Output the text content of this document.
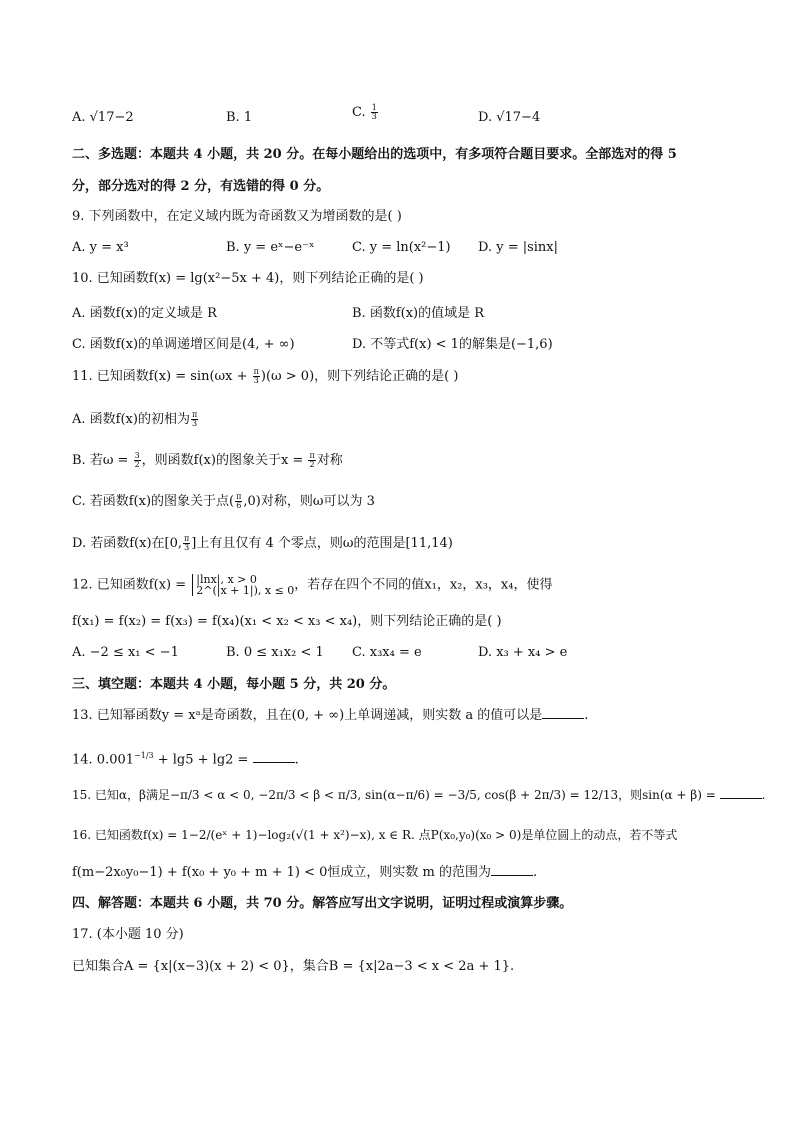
A. √17−2	B. 1	C. $\frac{1}{3}$	D. √17−4
二、多选题：本题共 4 小题，共 20 分。在每小题给出的选项中，有多项符合题目要求。全部选对的得 5
分，部分选对的得 2 分，有选错的得 0 分。
9. 下列函数中，在定义域内既为奇函数又为增函数的是( )
A. y = x³	B. y = eˣ−e⁻ˣ	C. y = ln(x²−1) D. y = |sinx|
10. 已知函数f(x) = lg(x²−5x + 4)，则下列结论正确的是( )
A. 函数f(x)的定义域是 R	B. 函数f(x)的值域是 R
C. 函数f(x)的单调递增区间是(4, + ∞)	D. 不等式f(x) < 1的解集是(−1,6)
11. 已知函数$f(x) = \sin(\omega x + \frac{\pi}{3} )(\omega > 0)$，则下列结论正确的是( )
A. 函数f(x)的初相为 $\frac{\pi}{3}$
B. 若$\omega = \frac{3}{2}$ ，则函数f(x)的图象关于$x = \frac{\pi}{2}$ 对称
C. 若函数f(x)的图象关于点( $\frac{\pi}{6} ,0$)对称，则ω可以为 3
D. 若函数f(x)在[0, $\frac{\pi}{3}$ ]上有且仅有 4 个零点，则ω的范围是[11,14)
12. 已知函数f(x) = |lnx|, x > 0
2^(|x + 1|), x ≤ 0 ，若存在四个不同的值x₁，x₂，x₃，x₄，使得
f(x₁) = f(x₂) = f(x₃) = f(x₄)(x₁ < x₂ < x₃ < x₄)，则下列结论正确的是( )
A. −2 ≤ x₁ < −1	B. 0 ≤ x₁x₂ < 1 C. x₃x₄ = e	D. x₃ + x₄ > e
三、填空题：本题共 4 小题，每小题 5 分，共 20 分。
13. 已知幂函数y = xᵃ是奇函数，且在(0, + ∞)上单调递减，则实数 a 的值可以是	.
14. $0.001^{-1/3} + \lg 5 + \lg 2$ =	.
15. 已知α，β满足−π/3 < α < 0, −2π/3 < β < π/3, sin(α−π/6) = −3/5, cos(β + 2π/3) = 12/13，则sin(α + β) =	.
16. 已知函数f(x) = 1−2/(eˣ + 1)−log₂(√(1 + x²)−x), x ∈ R. 点P(x₀,y₀)(x₀ > 0)是单位圆上的动点，若不等式
f(m−2x₀y₀−1) + f(x₀ + y₀ + m + 1) < 0恒成立，则实数 m 的范围为	.
四、解答题：本题共 6 小题，共 70 分。解答应写出文字说明，证明过程或演算步骤。
17. (本小题 10 分)
已知集合A = {x|(x−3)(x + 2) < 0}，集合B = {x|2a−3 < x < 2a + 1}.
